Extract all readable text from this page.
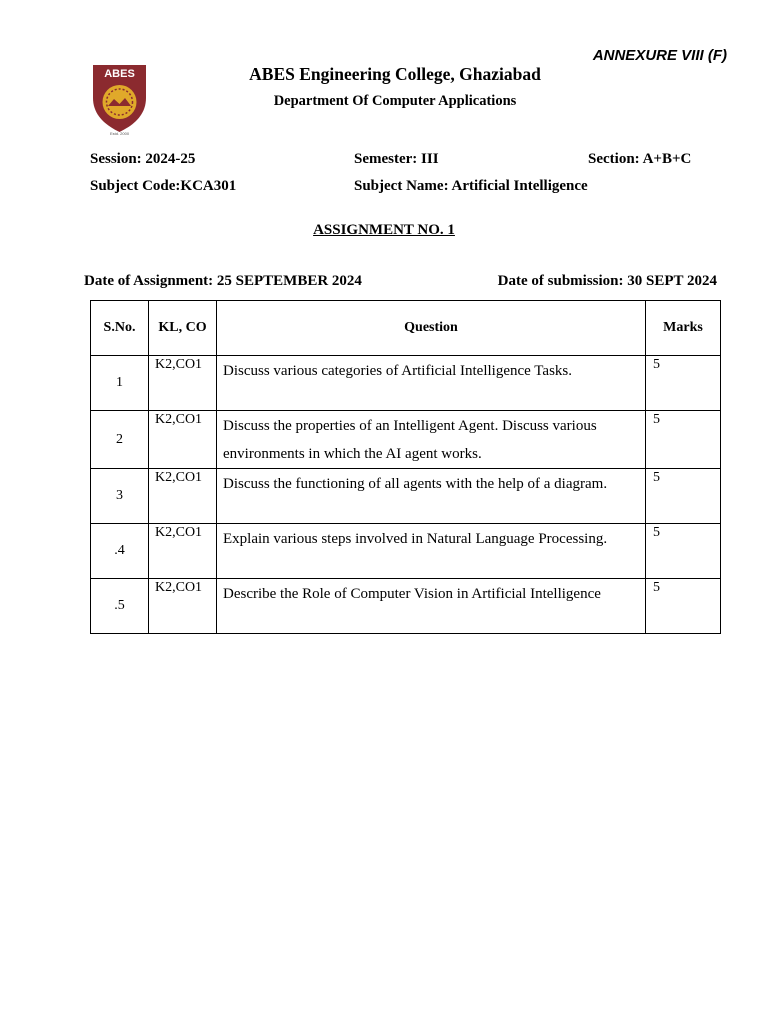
ANNEXURE VIII (F)
ABES
Estd. 2000
ABES Engineering College, Ghaziabad
Department Of Computer Applications
Session: 2024-25	Semester: III	Section: A+B+C
Subject Code:KCA301	Subject Name: Artificial Intelligence
ASSIGNMENT NO. 1
Date of Assignment: 25 SEPTEMBER 2024	Date of submission: 30 SEPT 2024
S.No.	KL, CO	Question	Marks
1	K2,CO1	Discuss various categories of Artificial Intelligence Tasks.	5
2	K2,CO1	Discuss the properties of an Intelligent Agent. Discuss various environments in which the AI agent works.	5
3	K2,CO1	Discuss the functioning of all agents with the help of a diagram.	5
.4	K2,CO1	Explain various steps involved in Natural Language Processing.	5
.5	K2,CO1	Describe the Role of Computer Vision in Artificial Intelligence	5
